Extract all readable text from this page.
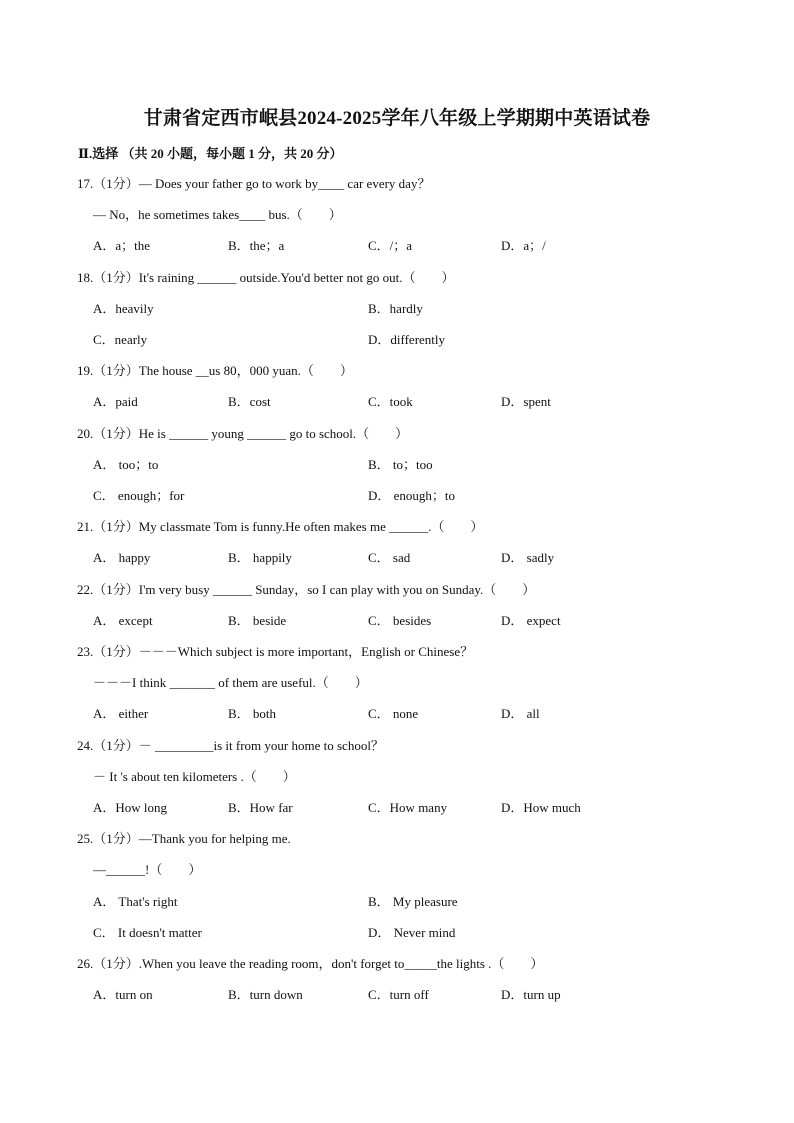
甘肃省定西市岷县2024-2025学年八年级上学期期中英语试卷
Ⅱ.选择 （共 20 小题，每小题 1 分，共 20 分）
17.（1分）— Does your father go to work by____ car every day？
— No，he sometimes takes____ bus.（　　）
A．a；the	B．the；a	C．/；a	D．a；/
18.（1分）It's raining ______ outside.You'd better not go out.（　　）
A．heavily	B．hardly
C．nearly	D．differently
19.（1分）The house __us 80，000 yuan.（　　）
A．paid	B．cost	C．took	D．spent
20.（1分）He is ______ young ______ go to school.（　　）
A． too；to	B． to；too
C． enough；for	D． enough；to
21.（1分）My classmate Tom is funny.He often makes me ______.（　　）
A． happy	B． happily	C． sad	D． sadly
22.（1分）I'm very busy ______ Sunday，so I can play with you on Sunday.（　　）
A． except	B． beside	C． besides	D． expect
23.（1分）－－－Which subject is more important，English or Chinese？
－－－I think _______ of them are useful.（　　）
A． either	B． both	C． none	D． all
24.（1分）－ _________is it from your home to school？
－ It 's about ten kilometers .（　　）
A．How long	B．How far	C．How many	D．How much
25.（1分）—Thank you for helping me.
—______!（　　）
A． That's right	B． My pleasure
C． It doesn't matter	D． Never mind
26.（1分）.When you leave the reading room，don't forget to_____the lights .（　　）
A．turn on	B．turn down	C．turn off	D．turn up
